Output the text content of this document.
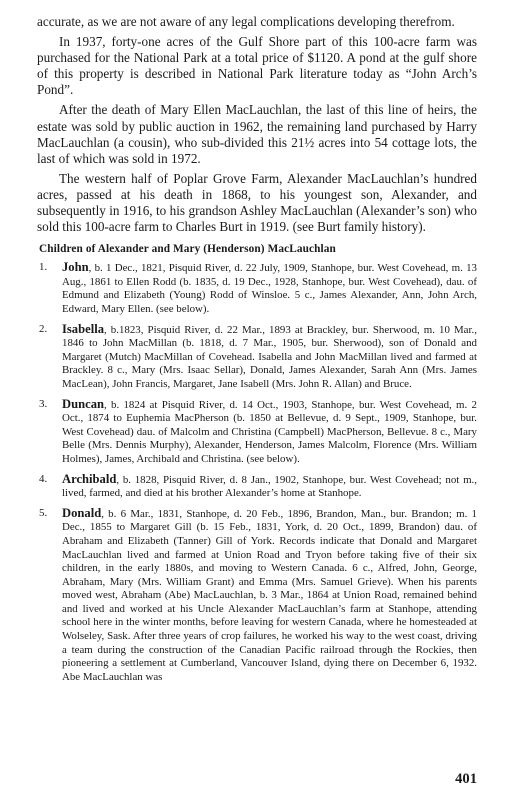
accurate, as we are not aware of any legal complications developing therefrom.

In 1937, forty-one acres of the Gulf Shore part of this 100-acre farm was purchased for the National Park at a total price of $1120. A pond at the gulf shore of this property is described in National Park literature today as “John Arch’s Pond”.

After the death of Mary Ellen MacLauchlan, the last of this line of heirs, the estate was sold by public auction in 1962, the remaining land purchased by Harry MacLauchlan (a cousin), who sub-divided this 21½ acres into 54 cottage lots, the last of which was sold in 1972.

The western half of Poplar Grove Farm, Alexander MacLauchlan’s hundred acres, passed at his death in 1868, to his youngest son, Alexander, and subsequently in 1916, to his grandson Ashley MacLauchlan (Alexander’s son) who sold this 100-acre farm to Charles Burt in 1919. (see Burt family history).

Children of Alexander and Mary (Henderson) MacLauchlan
1.	John, b. 1 Dec., 1821, Pisquid River, d. 22 July, 1909, Stanhope, bur. West Covehead, m. 13 Aug., 1861 to Ellen Rodd (b. 1835, d. 19 Dec., 1928, Stanhope, bur. West Covehead), dau. of Edmund and Elizabeth (Young) Rodd of Winsloe. 5 c., James Alexander, Ann, John Arch, Edward, Mary Ellen. (see below).
2.	Isabella, b.1823, Pisquid River, d. 22 Mar., 1893 at Brackley, bur. Sherwood, m. 10 Mar., 1846 to John MacMillan (b. 1818, d. 7 Mar., 1905, bur. Sherwood), son of Donald and Margaret (Mutch) MacMillan of Covehead. Isabella and John MacMillan lived and farmed at Brackley. 8 c., Mary (Mrs. Isaac Sellar), Donald, James Alexander, Sarah Ann (Mrs. James MacLean), John Francis, Margaret, Jane Isabell (Mrs. John R. Allan) and Bruce.
3.	Duncan, b. 1824 at Pisquid River, d. 14 Oct., 1903, Stanhope, bur. West Covehead, m. 2 Oct., 1874 to Euphemia MacPherson (b. 1850 at Bellevue, d. 9 Sept., 1909, Stanhope, bur. West Covehead) dau. of Malcolm and Christina (Campbell) MacPherson, Bellevue. 8 c., Mary Belle (Mrs. Dennis Murphy), Alexander, Henderson, James Malcolm, Florence (Mrs. William Holmes), James, Archibald and Christina. (see below).
4.	Archibald, b. 1828, Pisquid River, d. 8 Jan., 1902, Stanhope, bur. West Covehead; not m., lived, farmed, and died at his brother Alexander’s home at Stanhope.
5.	Donald, b. 6 Mar., 1831, Stanhope, d. 20 Feb., 1896, Brandon, Man., bur. Brandon; m. 1 Dec., 1855 to Margaret Gill (b. 15 Feb., 1831, York, d. 20 Oct., 1899, Brandon) dau. of Abraham and Elizabeth (Tanner) Gill of York. Records indicate that Donald and Margaret MacLauchlan lived and farmed at Union Road and Tryon before taking five of their six children, in the early 1880s, and moving to Western Canada. 6 c., Alfred, John, George, Abraham, Mary (Mrs. William Grant) and Emma (Mrs. Samuel Grieve). When his parents moved west, Abraham (Abe) MacLauchlan, b. 3 Mar., 1864 at Union Road, remained behind and lived and worked at his Uncle Alexander MacLauchlan’s farm at Stanhope, attending school here in the winter months, before leaving for western Canada, where he homesteaded at Wolseley, Sask. After three years of crop failures, he worked his way to the west coast, driving a team during the construction of the Canadian Pacific railroad through the Rockies, then pioneering a settlement at Cumberland, Vancouver Island, dying there on December 6, 1932. Abe MacLauchlan was
401
